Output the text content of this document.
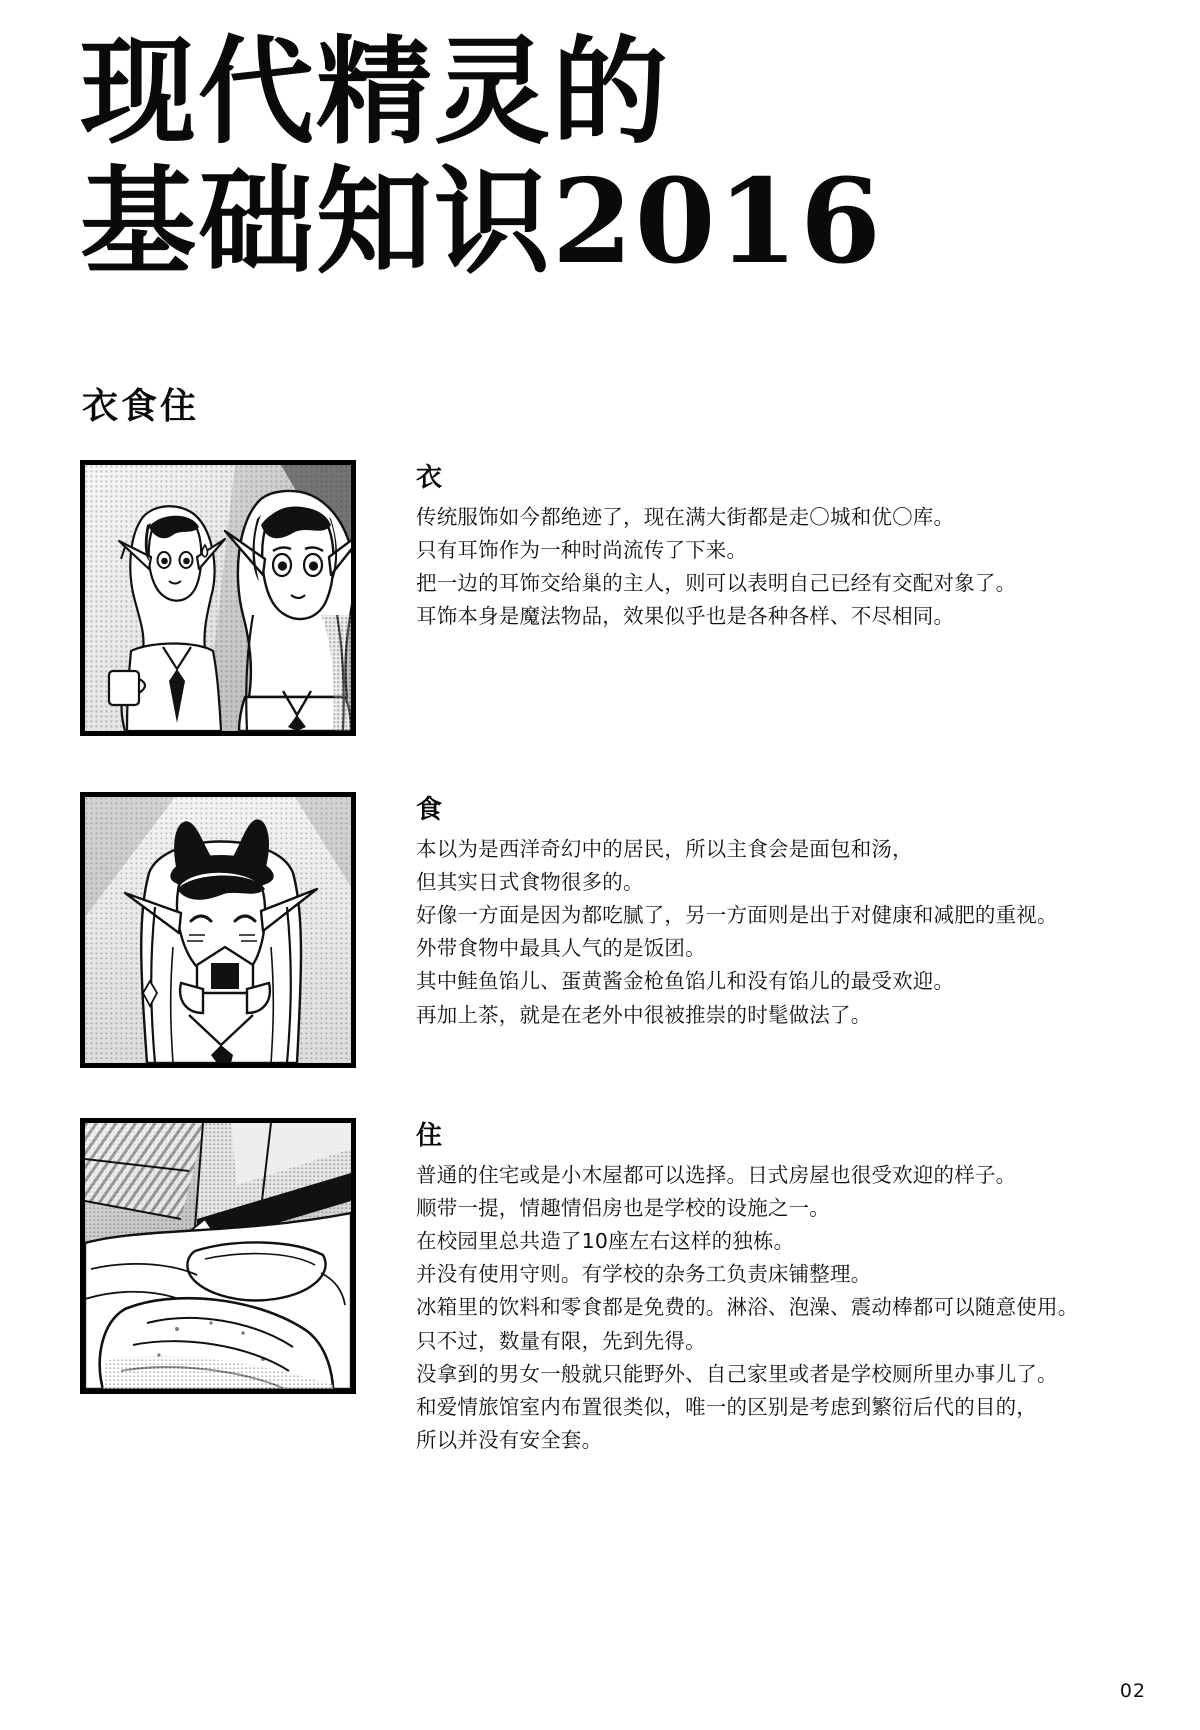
现代精灵的
基础知识2016
衣食住
衣
传统服饰如今都绝迹了，现在满大街都是走〇城和优〇库。
只有耳饰作为一种时尚流传了下来。
把一边的耳饰交给巢的主人，则可以表明自己已经有交配对象了。
耳饰本身是魔法物品，效果似乎也是各种各样、不尽相同。
食
本以为是西洋奇幻中的居民，所以主食会是面包和汤，
但其实日式食物很多的。
好像一方面是因为都吃腻了，另一方面则是出于对健康和减肥的重视。
外带食物中最具人气的是饭团。
其中鲑鱼馅儿、蛋黄酱金枪鱼馅儿和没有馅儿的最受欢迎。
再加上茶，就是在老外中很被推崇的时髦做法了。
住
普通的住宅或是小木屋都可以选择。日式房屋也很受欢迎的样子。
顺带一提，情趣情侣房也是学校的设施之一。
在校园里总共造了10座左右这样的独栋。
并没有使用守则。有学校的杂务工负责床铺整理。
冰箱里的饮料和零食都是免费的。淋浴、泡澡、震动棒都可以随意使用。
只不过，数量有限，先到先得。
没拿到的男女一般就只能野外、自己家里或者是学校厕所里办事儿了。
和爱情旅馆室内布置很类似，唯一的区别是考虑到繁衍后代的目的，
所以并没有安全套。
02
